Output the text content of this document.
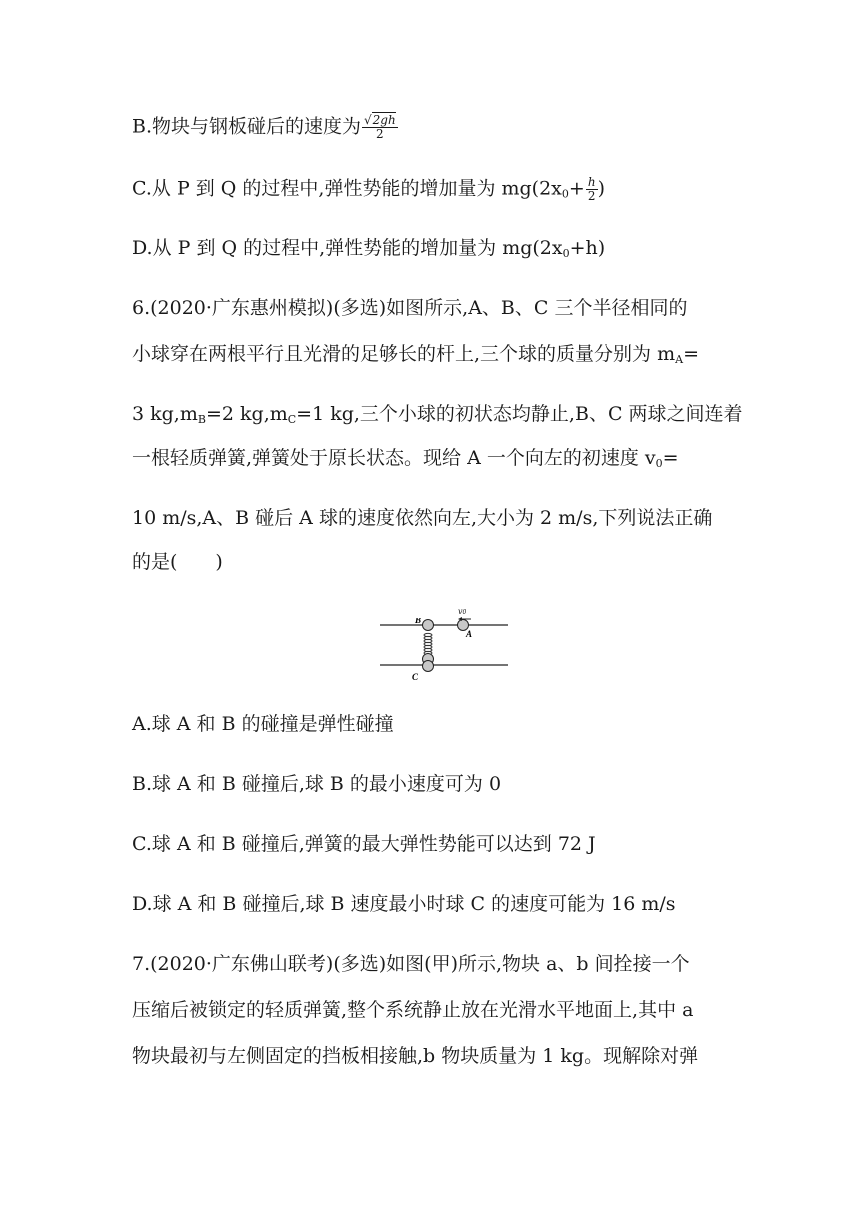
B.物块与钢板碰后的速度为 $\frac{√2gh}{2}$
C.从 P 到 Q 的过程中,弹性势能的增加量为 $mg(2x_0+ \frac{h}{2}$ )
D.从 P 到 Q 的过程中,弹性势能的增加量为 $mg(2x_0+h)$
6.(2020·广东惠州模拟)(多选)如图所示,A、B、C 三个半径相同的
小球穿在两根平行且光滑的足够长的杆上,三个球的质量分别为 $m_A=$
3 $kg,m_B=2$ $kg,m_C=1$ kg,三个小球的初状态均静止,B、C 两球之间连着
一根轻质弹簧,弹簧处于原长状态。现给 A 一个向左的初速度 $v_0=$
10 m/s,A、B 碰后 A 球的速度依然向左,大小为 2 m/s,下列说法正确
的是(　　)
B
A
C
v0
A.球 A 和 B 的碰撞是弹性碰撞
B.球 A 和 B 碰撞后,球 B 的最小速度可为 0
C.球 A 和 B 碰撞后,弹簧的最大弹性势能可以达到 72 J
D.球 A 和 B 碰撞后,球 B 速度最小时球 C 的速度可能为 16 m/s
7.(2020·广东佛山联考)(多选)如图(甲)所示,物块 a、b 间拴接一个
压缩后被锁定的轻质弹簧,整个系统静止放在光滑水平地面上,其中 a
物块最初与左侧固定的挡板相接触,b 物块质量为 1 kg。现解除对弹
